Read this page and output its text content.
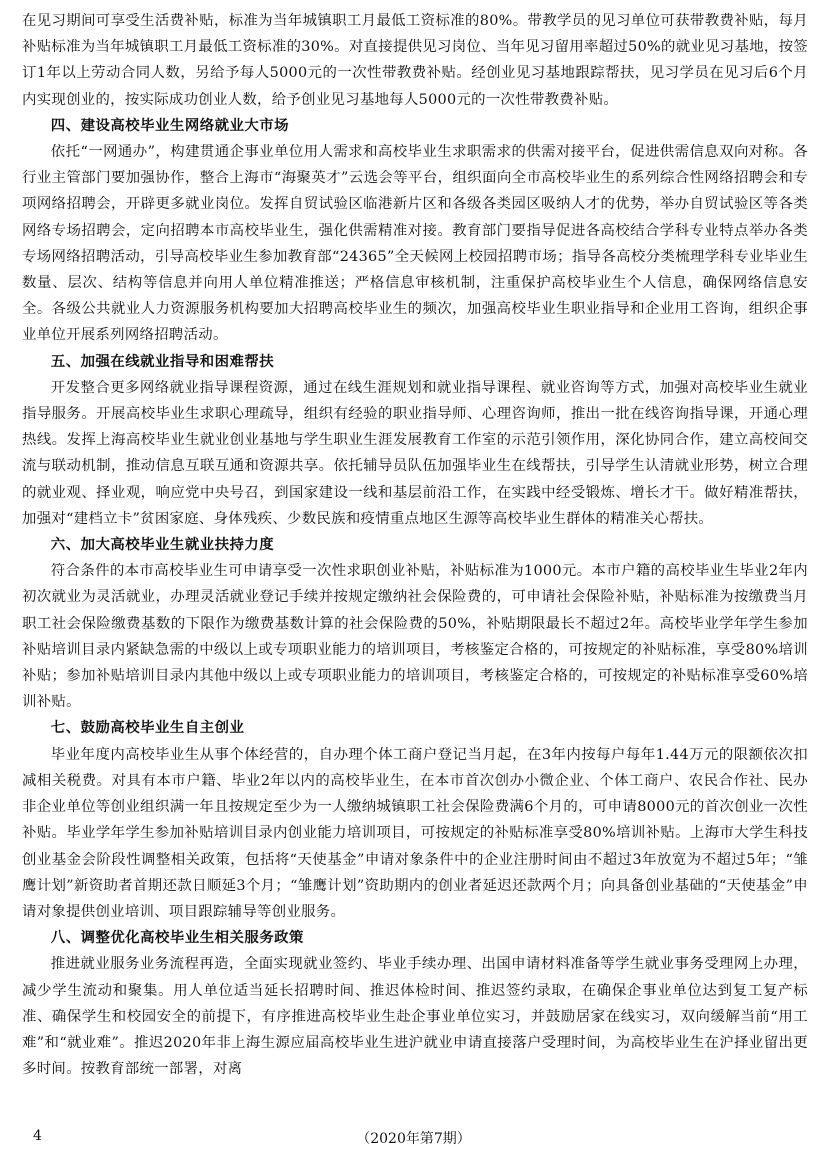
在见习期间可享受生活费补贴，标准为当年城镇职工月最低工资标准的80%。带教学员的见习单位可获带教费补贴，每月补贴标准为当年城镇职工月最低工资标准的30%。对直接提供见习岗位、当年见习留用率超过50%的就业见习基地，按签订1年以上劳动合同人数，另给予每人5000元的一次性带教费补贴。经创业见习基地跟踪帮扶，见习学员在见习后6个月内实现创业的，按实际成功创业人数，给予创业见习基地每人5000元的一次性带教费补贴。

四、建设高校毕业生网络就业大市场

依托“一网通办”，构建贯通企事业单位用人需求和高校毕业生求职需求的供需对接平台，促进供需信息双向对称。各行业主管部门要加强协作，整合上海市“海聚英才”云选会等平台，组织面向全市高校毕业生的系列综合性网络招聘会和专项网络招聘会，开辟更多就业岗位。发挥自贸试验区临港新片区和各级各类园区吸纳人才的优势，举办自贸试验区等各类网络专场招聘会，定向招聘本市高校毕业生，强化供需精准对接。教育部门要指导促进各高校结合学科专业特点举办各类专场网络招聘活动，引导高校毕业生参加教育部“24365”全天候网上校园招聘市场；指导各高校分类梳理学科专业毕业生数量、层次、结构等信息并向用人单位精准推送；严格信息审核机制，注重保护高校毕业生个人信息，确保网络信息安全。各级公共就业人力资源服务机构要加大招聘高校毕业生的频次，加强高校毕业生职业指导和企业用工咨询，组织企事业单位开展系列网络招聘活动。

五、加强在线就业指导和困难帮扶

开发整合更多网络就业指导课程资源，通过在线生涯规划和就业指导课程、就业咨询等方式，加强对高校毕业生就业指导服务。开展高校毕业生求职心理疏导，组织有经验的职业指导师、心理咨询师，推出一批在线咨询指导课，开通心理热线。发挥上海高校毕业生就业创业基地与学生职业生涯发展教育工作室的示范引领作用，深化协同合作，建立高校间交流与联动机制，推动信息互联互通和资源共享。依托辅导员队伍加强毕业生在线帮扶，引导学生认清就业形势，树立合理的就业观、择业观，响应党中央号召，到国家建设一线和基层前沿工作，在实践中经受锻炼、增长才干。做好精准帮扶，加强对“建档立卡”贫困家庭、身体残疾、少数民族和疫情重点地区生源等高校毕业生群体的精准关心帮扶。

六、加大高校毕业生就业扶持力度

符合条件的本市高校毕业生可申请享受一次性求职创业补贴，补贴标准为1000元。本市户籍的高校毕业生毕业2年内初次就业为灵活就业，办理灵活就业登记手续并按规定缴纳社会保险费的，可申请社会保险补贴，补贴标准为按缴费当月职工社会保险缴费基数的下限作为缴费基数计算的社会保险费的50%，补贴期限最长不超过2年。高校毕业学年学生参加补贴培训目录内紧缺急需的中级以上或专项职业能力的培训项目，考核鉴定合格的，可按规定的补贴标准，享受80%培训补贴；参加补贴培训目录内其他中级以上或专项职业能力的培训项目，考核鉴定合格的，可按规定的补贴标准享受60%培训补贴。

七、鼓励高校毕业生自主创业

毕业年度内高校毕业生从事个体经营的，自办理个体工商户登记当月起，在3年内按每户每年1.44万元的限额依次扣减相关税费。对具有本市户籍、毕业2年以内的高校毕业生，在本市首次创办小微企业、个体工商户、农民合作社、民办非企业单位等创业组织满一年且按规定至少为一人缴纳城镇职工社会保险费满6个月的，可申请8000元的首次创业一次性补贴。毕业学年学生参加补贴培训目录内创业能力培训项目，可按规定的补贴标准享受80%培训补贴。上海市大学生科技创业基金会阶段性调整相关政策，包括将“天使基金”申请对象条件中的企业注册时间由不超过3年放宽为不超过5年；“雏鹰计划”新资助者首期还款日顺延3个月；“雏鹰计划”资助期内的创业者延迟还款两个月；向具备创业基础的“天使基金”申请对象提供创业培训、项目跟踪辅导等创业服务。

八、调整优化高校毕业生相关服务政策

推进就业服务业务流程再造，全面实现就业签约、毕业手续办理、出国申请材料准备等学生就业事务受理网上办理，减少学生流动和聚集。用人单位适当延长招聘时间、推迟体检时间、推迟签约录取，在确保企事业单位达到复工复产标准、确保学生和校园安全的前提下，有序推进高校毕业生赴企事业单位实习，并鼓励居家在线实习，双向缓解当前“用工难”和“就业难”。推迟2020年非上海生源应届高校毕业生进沪就业申请直接落户受理时间，为高校毕业生在沪择业留出更多时间。按教育部统一部署，对离

4	（2020年第7期）
